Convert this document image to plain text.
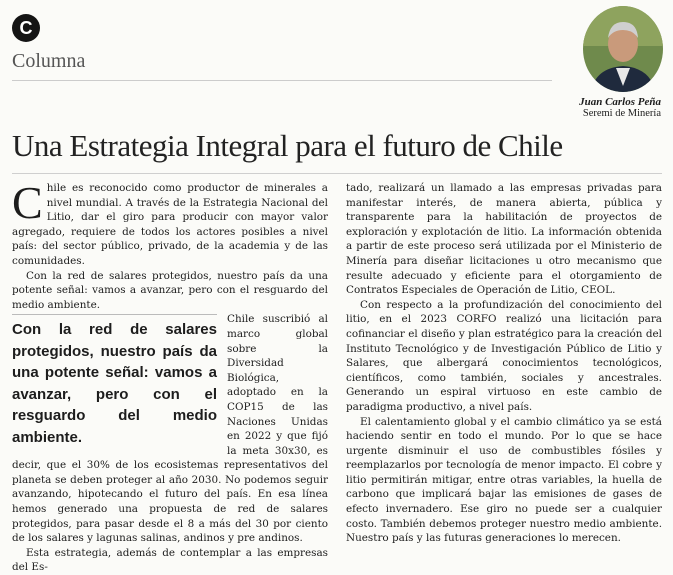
C
Columna
Juan Carlos Peña
Seremi de Minería
Una Estrategia Integral para el futuro de Chile

Chile es reconocido como productor de minerales a nivel mundial. A través de la Estrategia Nacional del Litio, dar el giro para producir con mayor valor agregado, requiere de todos los actores posibles a nivel país: del sector público, privado, de la academia y de las comunidades.

Con la red de salares protegidos, nuestro país da una potente señal: vamos a avanzar, pero con el resguardo del medio ambiente.

Con la red de salares protegidos, nuestro país da una potente señal: vamos a avanzar, pero con el resguardo del medio ambiente.

Chile suscribió al marco global sobre la Diversidad Biológica, adoptado en la COP15 de las Naciones Unidas en 2022 y que fijó la meta 30x30, es decir, que el 30% de los ecosistemas representativos del planeta se deben proteger al año 2030. No podemos seguir avanzando, hipotecando el futuro del país. En esa línea hemos generado una propuesta de red de salares protegidos, para pasar desde el 8 a más del 30 por ciento de los salares y lagunas salinas, andinos y pre andinos.

Esta estrategia, además de contemplar a las empresas del Es-

tado, realizará un llamado a las empresas privadas para manifestar interés, de manera abierta, pública y transparente para la habilitación de proyectos de exploración y explotación de litio. La información obtenida a partir de este proceso será utilizada por el Ministerio de Minería para diseñar licitaciones u otro mecanismo que resulte adecuado y eficiente para el otorgamiento de Contratos Especiales de Operación de Litio, CEOL.

Con respecto a la profundización del conocimiento del litio, en el 2023 CORFO realizó una licitación para cofinanciar el diseño y plan estratégico para la creación del Instituto Tecnológico y de Investigación Público de Litio y Salares, que albergará conocimientos tecnológicos, científicos, como también, sociales y ancestrales. Generando un espiral virtuoso en este cambio de paradigma productivo, a nivel país.

El calentamiento global y el cambio climático ya se está haciendo sentir en todo el mundo. Por lo que se hace urgente disminuir el uso de combustibles fósiles y reemplazarlos por tecnología de menor impacto. El cobre y litio permitirán mitigar, entre otras variables, la huella de carbono que implicará bajar las emisiones de gases de efecto invernadero. Ese giro no puede ser a cualquier costo. También debemos proteger nuestro medio ambiente. Nuestro país y las futuras generaciones lo merecen.
